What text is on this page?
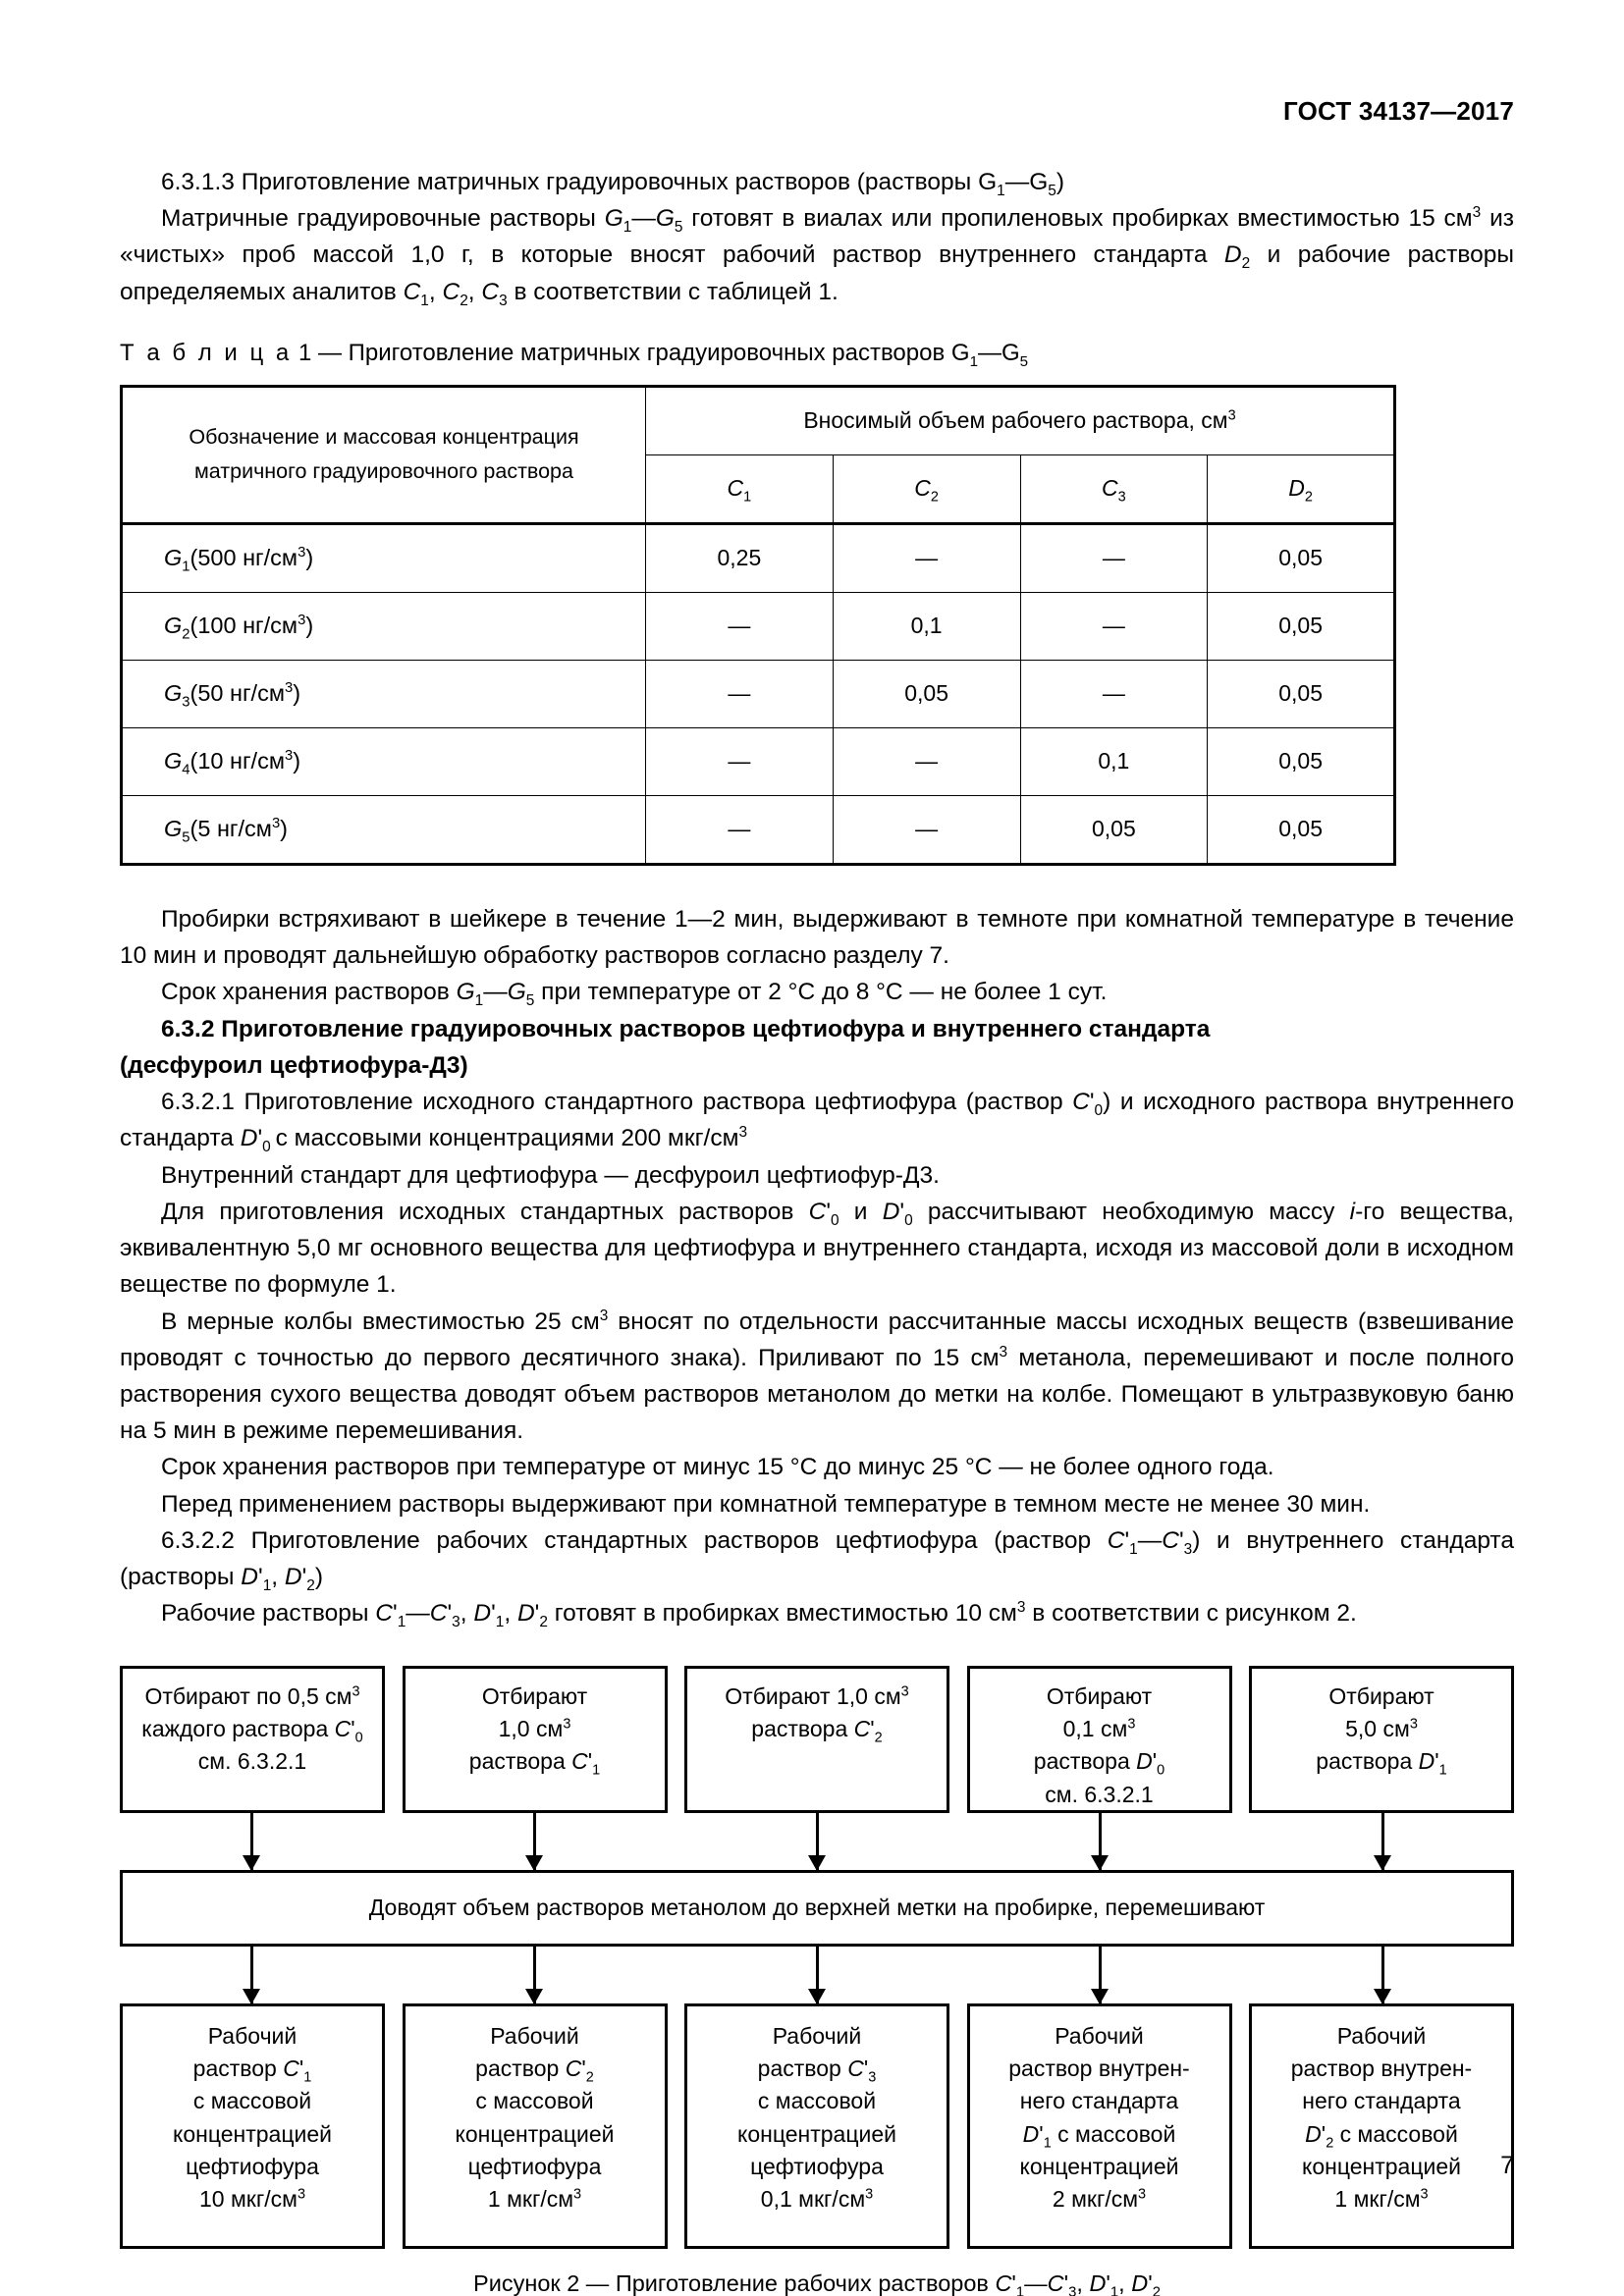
ГОСТ 34137—2017

6.3.1.3 Приготовление матричных градуировочных растворов (растворы $G_1—G_5$)

Матричные градуировочные растворы $G_1—G_5$ готовят в виалах или пропиленовых пробирках вместимостью 15 $см^3$ из «чистых» проб массой 1,0 г, в которые вносят рабочий раствор внутреннего стандарта $D_2$ и рабочие растворы определяемых аналитов $C_1$, $C_2$, $C_3$ в соответствии с таблицей 1.

Т а б л и ц а 1 — Приготовление матричных градуировочных растворов $G_1—G_5$

Обозначение и массовая концентрация
матричного градуировочного раствора	Вносимый объем рабочего раствора, $см^3$
	$C_1$	$C_2$	$C_3$	$D_2$
$G_1(500$ $нг/см^3$)	0,25	—	—	0,05
$G_2(100$ $нг/см^3$)	—	0,1	—	0,05
$G_3(50$ $нг/см^3$)	—	0,05	—	0,05
$G_4(10$ $нг/см^3$)	—	—	0,1	0,05
$G_5(5$ $нг/см^3$)	—	—	0,05	0,05

Пробирки встряхивают в шейкере в течение 1—2 мин, выдерживают в темноте при комнатной температуре в течение 10 мин и проводят дальнейшую обработку растворов согласно разделу 7.

Срок хранения растворов $G_1—G_5$ при температуре от 2 °С до 8 °С — не более 1 сут.

6.3.2 Приготовление градуировочных растворов цефтиофура и внутреннего стандарта
(десфуроил цефтиофура-Д3)

6.3.2.1 Приготовление исходного стандартного раствора цефтиофура (раствор $C'_0$) и исходного раствора внутреннего стандарта $D'_0$ с массовыми концентрациями 200 мкг/$см^3$

Внутренний стандарт для цефтиофура — десфуроил цефтиофур-Д3.

Для приготовления исходных стандартных растворов $C'_0$ и $D'_0$ рассчитывают необходимую массу i-го вещества, эквивалентную 5,0 мг основного вещества для цефтиофура и внутреннего стандарта, исходя из массовой доли в исходном веществе по формуле 1.

В мерные колбы вместимостью 25 $см^3$ вносят по отдельности рассчитанные массы исходных веществ (взвешивание проводят с точностью до первого десятичного знака). Приливают по 15 $см^3$ метанола, перемешивают и после полного растворения сухого вещества доводят объем растворов метанолом до метки на колбе. Помещают в ультразвуковую баню на 5 мин в режиме перемешивания.

Срок хранения растворов при температуре от минус 15 °С до минус 25 °С — не более одного года.

Перед применением растворы выдерживают при комнатной температуре в темном месте не менее 30 мин.

6.3.2.2 Приготовление рабочих стандартных растворов цефтиофура (раствор $C'_1—C'_3$) и внутреннего стандарта (растворы $D'_1$, $D'_2$)

Рабочие растворы $C'_1—C'_3$, $D'_1$, $D'_2$ готовят в пробирках вместимостью 10 $см^3$ в соответствии с рисунком 2.

Отбирают по 0,5 $см^3$
каждого раствора $C'_0$
см. 6.3.2.1
Отбирают
1,0 $см^3$
раствора $C'_1$
Отбирают 1,0 $см^3$
раствора $C'_2$
Отбирают
0,1 $см^3$
раствора $D'_0$
см. 6.3.2.1
Отбирают
5,0 $см^3$
раствора $D'_1$
Доводят объем растворов метанолом до верхней метки на пробирке, перемешивают
Рабочий
раствор $C'_1$
с массовой
концентрацией
цефтиофура
10 мкг/$см^3$
Рабочий
раствор $C'_2$
с массовой
концентрацией
цефтиофура
1 мкг/$см^3$
Рабочий
раствор $C'_3$
с массовой
концентрацией
цефтиофура
0,1 мкг/$см^3$
Рабочий
раствор внутрен-
него стандарта
$D'_1$ с массовой
концентрацией
2 мкг/$см^3$
Рабочий
раствор внутрен-
него стандарта
$D'_2$ с массовой
концентрацией
1 мкг/$см^3$
Рисунок 2 — Приготовление рабочих растворов $C'_1—C'_3$, $D'_1$, $D'_2$
7
